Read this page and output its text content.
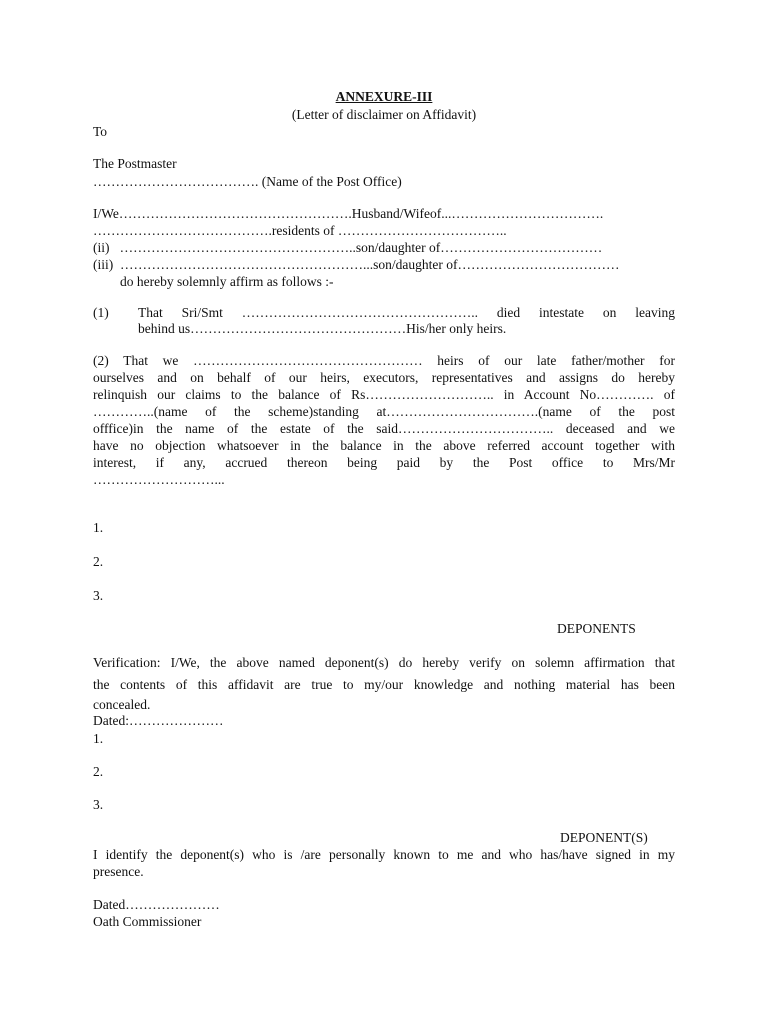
ANNEXURE-III
(Letter of disclaimer on Affidavit)
To
The Postmaster
………………………………. (Name of the Post Office)
I/We…………………………………………….Husband/Wifeof...…………………………….
………………………………….residents of ………………………………..
(ii)   ……………………………………………..son/daughter of………………………………
(iii)  ………………………………………………...son/daughter of………………………………
do hereby solemnly affirm as follows :-
(1) That Sri/Smt …………………………………………….. died intestate on leaving
behind us…………………………………………His/her only heirs.
(2) That we …………………………………………… heirs of our late father/mother for
ourselves and on behalf of our heirs, executors, representatives and assigns do hereby
relinquish our claims to the balance of Rs……………………….. in Account No…………. of
…………..(name of the scheme)standing at…………………………….(name of the post
offfice)in the name of the estate of the said…………………………….. deceased and we
have no objection whatsoever in the balance in the above referred account together with
interest, if any, accrued thereon being paid by the Post office to Mrs/Mr
………………………...
1.
2.
3.
DEPONENTS
Verification: I/We, the above named deponent(s) do hereby verify on solemn affirmation that
the contents of this affidavit are true to my/our knowledge and nothing material has been
concealed.
Dated:…………………
1.
2.
3.
DEPONENT(S)
I identify the deponent(s) who is /are personally known to me and who has/have signed in my
presence.
Dated…………………
Oath Commissioner
